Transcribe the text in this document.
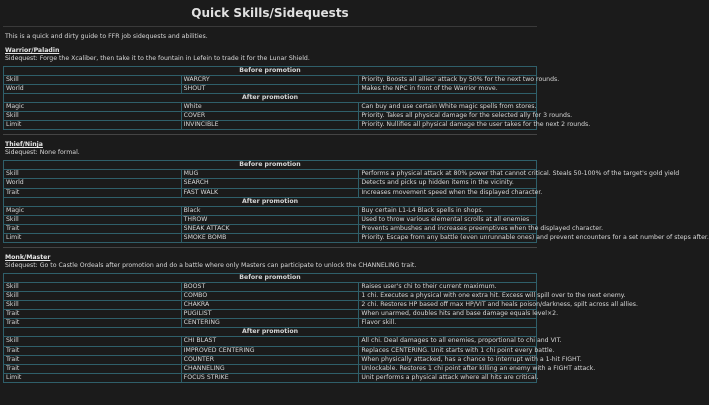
Quick Skills/Sidequests

This is a quick and dirty guide to FFR job sidequests and abilities.

Warrior/Paladin
Sidequest: Forge the Xcaliber, then take it to the fountain in Lefein to trade it for the Lunar Shield.
Before promotion		
Skill	WARCRY	Priority. Boosts all allies' attack by 50% for the next two rounds.
World	SHOUT	Makes the NPC in front of the Warrior move.
After promotion		
Magic	White	Can buy and use certain White magic spells from stores.
Skill	COVER	Priority. Takes all physical damage for the selected ally for 3 rounds.
Limit	INVINCIBLE	Priority. Nullifies all physical damage the user takes for the next 2 rounds.
Thief/Ninja
Sidequest: None formal.
Before promotion		
Skill	MUG	Performs a physical attack at 80% power that cannot critical. Steals 50-100% of the target's gold yield
World	SEARCH	Detects and picks up hidden items in the vicinity.
Trait	FAST WALK	Increases movement speed when the displayed character.
After promotion		
Magic	Black	Buy certain L1-L4 Black spells in shops.
Skill	THROW	Used to throw various elemental scrolls at all enemies
Trait	SNEAK ATTACK	Prevents ambushes and increases preemptives when the displayed character.
Limit	SMOKE BOMB	Priority. Escape from any battle (even unrunnable ones) and prevent encounters for a set number of steps after.
Monk/Master
Sidequest: Go to Castle Ordeals after promotion and do a battle where only Masters can participate to unlock the CHANNELING trait.
Before promotion		
Skill	BOOST	Raises user's chi to their current maximum.
Skill	COMBO	1 chi. Executes a physical with one extra hit. Excess will spill over to the next enemy.
Skill	CHAKRA	2 chi. Restores HP based off max HP/VIT and heals poison/darkness, spilt across all allies.
Trait	PUGILIST	When unarmed, doubles hits and base damage equals level×2.
Trait	CENTERING	Flavor skill.
After promotion		
Skill	CHI BLAST	All chi. Deal damages to all enemies, proportional to chi and VIT.
Trait	IMPROVED CENTERING	Replaces CENTERING. Unit starts with 1 chi point every battle.
Trait	COUNTER	When physically attacked, has a chance to interrupt with a 1-hit FIGHT.
Trait	CHANNELING	Unlockable. Restores 1 chi point after killing an enemy with a FIGHT attack.
Limit	FOCUS STRIKE	Unit performs a physical attack where all hits are critical.
